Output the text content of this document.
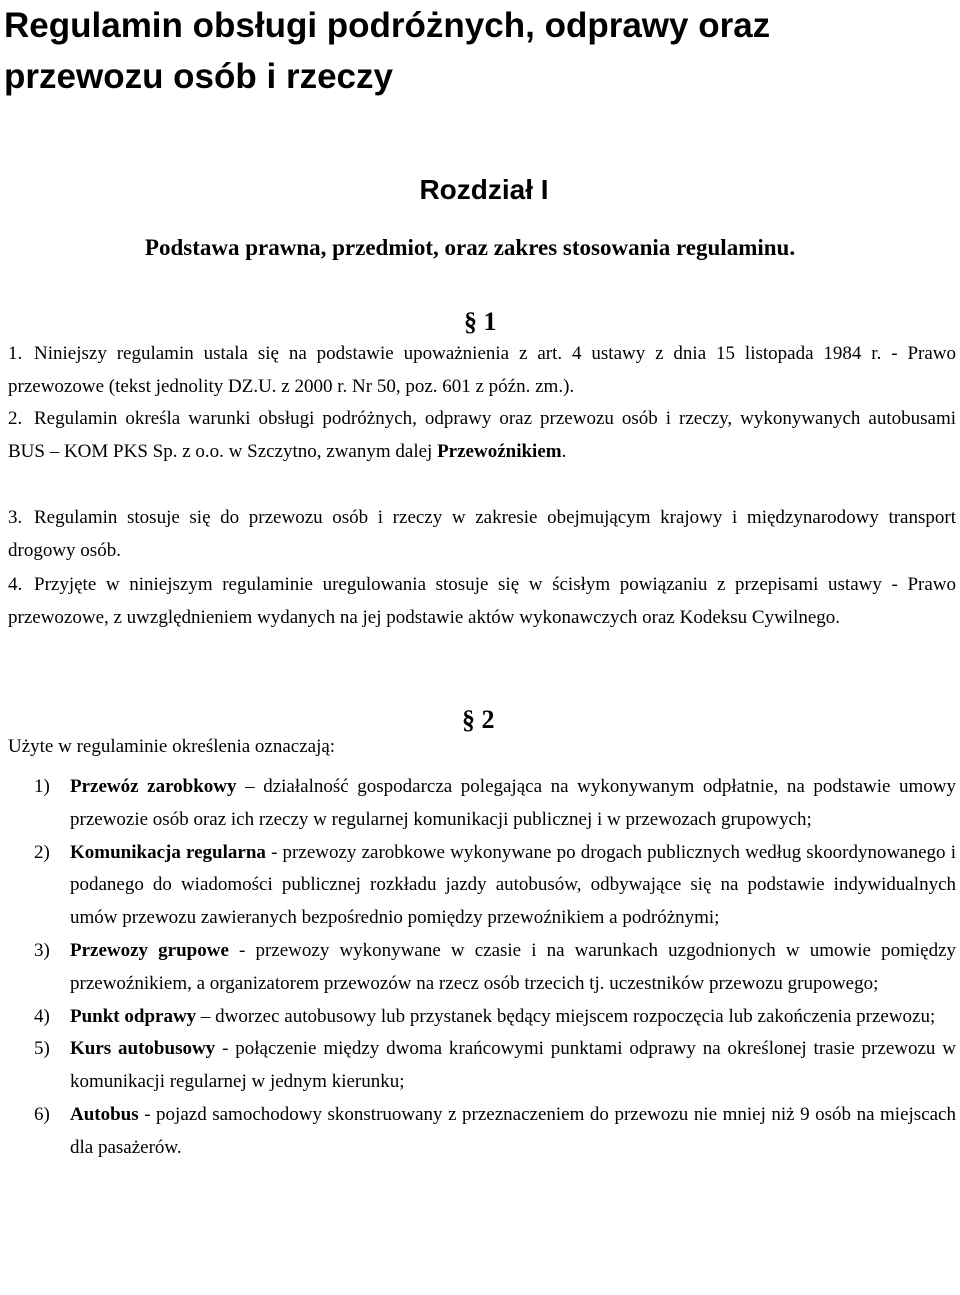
Regulamin obsługi podróżnych, odprawy oraz
przewozu osób i rzeczy
Rozdział I
Podstawa prawna, przedmiot, oraz zakres stosowania regulaminu.
§ 1
1. Niniejszy regulamin ustala się na podstawie upoważnienia z art. 4 ustawy z dnia 15 listopada 1984 r. - Prawo przewozowe (tekst jednolity DZ.U. z 2000 r. Nr 50, poz. 601 z późn. zm.).
2. Regulamin określa warunki obsługi podróżnych, odprawy oraz przewozu osób i rzeczy, wykonywanych autobusami BUS – KOM PKS Sp. z o.o. w Szczytno, zwanym dalej Przewoźnikiem.
3. Regulamin stosuje się do przewozu osób i rzeczy w zakresie obejmującym krajowy i międzynarodowy transport drogowy osób.
4. Przyjęte w niniejszym regulaminie uregulowania stosuje się w ścisłym powiązaniu z przepisami ustawy - Prawo przewozowe, z uwzględnieniem wydanych na jej podstawie aktów wykonawczych oraz Kodeksu Cywilnego.
§ 2
Użyte w regulaminie określenia oznaczają:
1) Przewóz zarobkowy – działalność gospodarcza polegająca na wykonywanym odpłatnie, na podstawie umowy przewozie osób oraz ich rzeczy w regularnej komunikacji publicznej i w przewozach grupowych;
2) Komunikacja regularna - przewozy zarobkowe wykonywane po drogach publicznych według skoordynowanego i podanego do wiadomości publicznej rozkładu jazdy autobusów, odbywające się na podstawie indywidualnych umów przewozu zawieranych bezpośrednio pomiędzy przewoźnikiem a podróżnymi;
3) Przewozy grupowe - przewozy wykonywane w czasie i na warunkach uzgodnionych w umowie pomiędzy przewoźnikiem, a organizatorem przewozów na rzecz osób trzecich tj. uczestników przewozu grupowego;
4) Punkt odprawy – dworzec autobusowy lub przystanek będący miejscem rozpoczęcia lub zakończenia przewozu;
5) Kurs autobusowy - połączenie między dwoma krańcowymi punktami odprawy na określonej trasie przewozu w komunikacji regularnej w jednym kierunku;
6) Autobus - pojazd samochodowy skonstruowany z przeznaczeniem do przewozu nie mniej niż 9 osób na miejscach dla pasażerów.
